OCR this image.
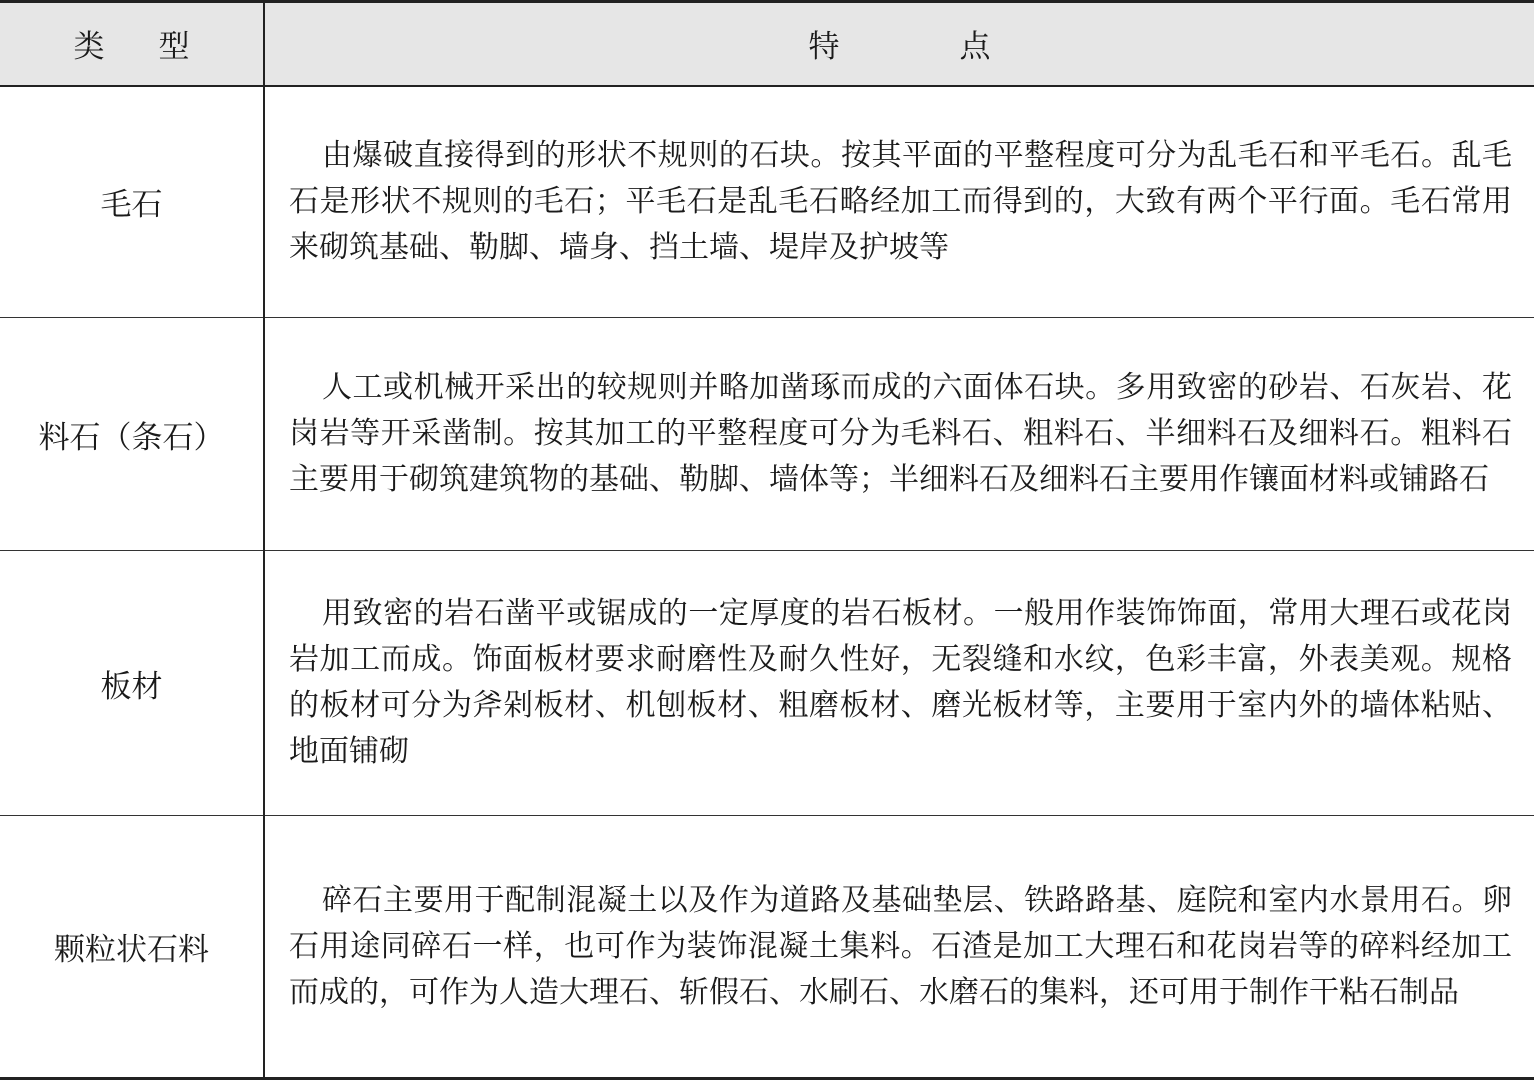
类型	特点
毛石	由爆破直接得到的形状不规则的石块。按其平面的平整程度可分为乱毛石和平毛石。乱毛石是形状不规则的毛石；平毛石是乱毛石略经加工而得到的，大致有两个平行面。毛石常用来砌筑基础、勒脚、墙身、挡土墙、堤岸及护坡等

料石（条石）	人工或机械开采出的较规则并略加凿琢而成的六面体石块。多用致密的砂岩、石灰岩、花岗岩等开采凿制。按其加工的平整程度可分为毛料石、粗料石、半细料石及细料石。粗料石主要用于砌筑建筑物的基础、勒脚、墙体等；半细料石及细料石主要用作镶面材料或铺路石

板材	用致密的岩石凿平或锯成的一定厚度的岩石板材。一般用作装饰饰面，常用大理石或花岗岩加工而成。饰面板材要求耐磨性及耐久性好，无裂缝和水纹，色彩丰富，外表美观。规格的板材可分为斧剁板材、机刨板材、粗磨板材、磨光板材等，主要用于室内外的墙体粘贴、地面铺砌

颗粒状石料	碎石主要用于配制混凝土以及作为道路及基础垫层、铁路路基、庭院和室内水景用石。卵石用途同碎石一样，也可作为装饰混凝土集料。石渣是加工大理石和花岗岩等的碎料经加工而成的，可作为人造大理石、斩假石、水刷石、水磨石的集料，还可用于制作干粘石制品
